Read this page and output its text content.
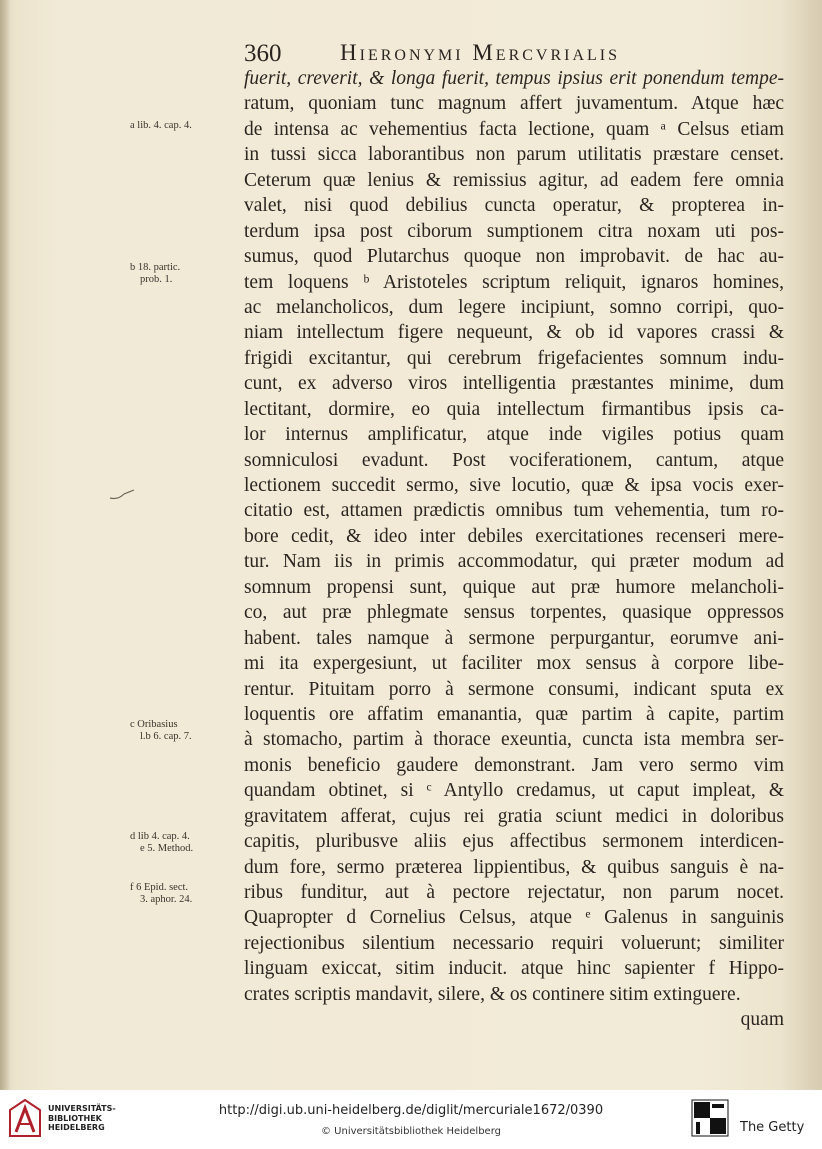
360	Hieronymi Mercvrialis
fuerit, creverit, & longa fuerit, tempus ipsius erit ponendum tempe-
ratum, quoniam tunc magnum affert juvamentum. Atque hæc
de intensa ac vehementius facta lectione, quam ᵃ Celsus etiam
in tussi sicca laborantibus non parum utilitatis præstare censet.
Ceterum quæ lenius & remissius agitur, ad eadem fere omnia
valet, nisi quod debilius cuncta operatur, & propterea in-
terdum ipsa post ciborum sumptionem citra noxam uti pos-
sumus, quod Plutarchus quoque non improbavit. de hac au-
tem loquens ᵇ Aristoteles scriptum reliquit, ignaros homines,
ac melancholicos, dum legere incipiunt, somno corripi, quo-
niam intellectum figere nequeunt, & ob id vapores crassi &
frigidi excitantur, qui cerebrum frigefacientes somnum indu-
cunt, ex adverso viros intelligentia præstantes minime, dum
lectitant, dormire, eo quia intellectum firmantibus ipsis ca-
lor internus amplificatur, atque inde vigiles potius quam
somniculosi evadunt. Post vociferationem, cantum, atque
lectionem succedit sermo, sive locutio, quæ & ipsa vocis exer-
citatio est, attamen prædictis omnibus tum vehementia, tum ro-
bore cedit, & ideo inter debiles exercitationes recenseri mere-
tur. Nam iis in primis accommodatur, qui præter modum ad
somnum propensi sunt, quique aut præ humore melancholi-
co, aut præ phlegmate sensus torpentes, quasique oppressos
habent. tales namque à sermone perpurgantur, eorumve ani-
mi ita expergesiunt, ut faciliter mox sensus à corpore libe-
rentur. Pituitam porro à sermone consumi, indicant sputa ex
loquentis ore affatim emanantia, quæ partim à capite, partim
à stomacho, partim à thorace exeuntia, cuncta ista membra ser-
monis beneficio gaudere demonstrant. Jam vero sermo vim
quandam obtinet, si ᶜ Antyllo credamus, ut caput impleat, &
gravitatem afferat, cujus rei gratia sciunt medici in doloribus
capitis, pluribusve aliis ejus affectibus sermonem interdicen-
dum fore, sermo præterea lippientibus, & quibus sanguis è na-
ribus funditur, aut à pectore rejectatur, non parum nocet.
Quapropter d Cornelius Celsus, atque ᵉ Galenus in sanguinis
rejectionibus silentium necessario requiri voluerunt; similiter
linguam exiccat, sitim inducit. atque hinc sapienter f Hippo-
crates scriptis mandavit, silere, & os continere sitim extinguere.
quam
a lib. 4. cap. 4.
b 18. partic.
prob. 1.
c Oribasius
l.b 6. cap. 7.
d lib 4. cap. 4.
e 5. Method.
f 6 Epid. sect.
3. aphor. 24.
UNIVERSITÄTS-
BIBLIOTHEK
HEIDELBERG
http://digi.ub.uni-heidelberg.de/diglit/mercuriale1672/0390
© Universitätsbibliothek Heidelberg	The Getty
